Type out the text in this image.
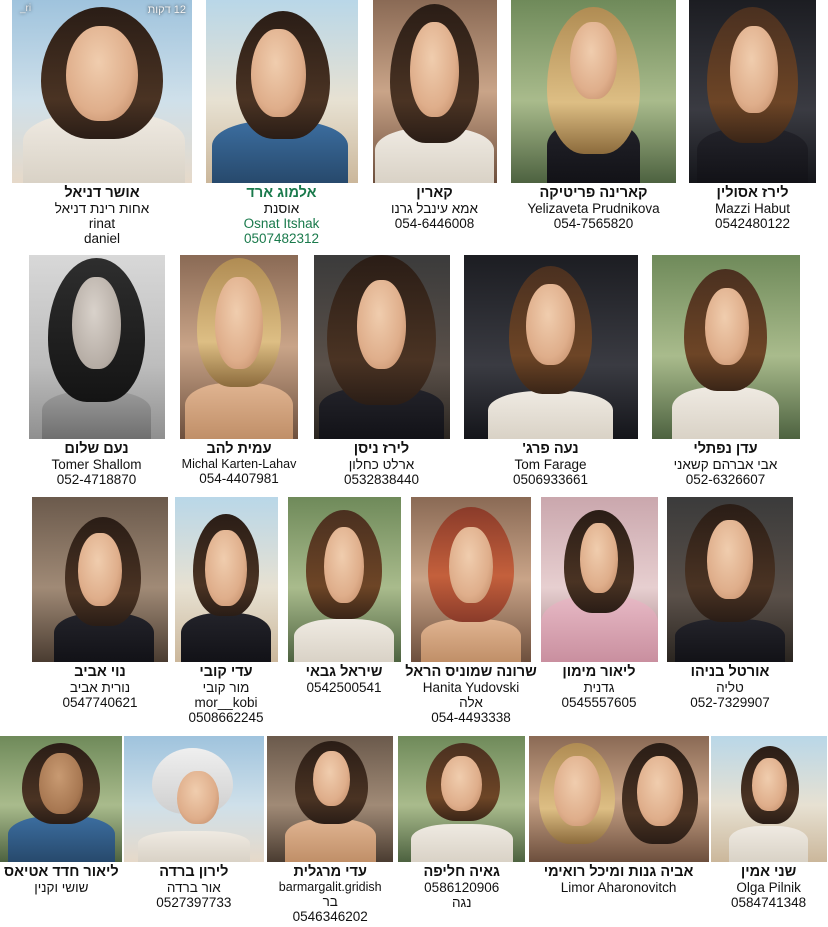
12 דקות
_ri
אושר דניאל
אחות רינת דניאל
rinat
daniel
אלמוג ארד
אוסנת
Osnat Itshak
0507482312
קארין
אמא עינבל גרנו
054-6446008
קארינה פריטיקה
Yelizaveta Prudnikova
054-7565820
לירז אסולין
Mazzi Habut
0542480122
נעם שלום
Tomer Shallom
052-4718870
עמית להב
Michal Karten-Lahav
054-4407981
לירז ניסן
ארלט כחלון
0532838440
נעה פרג'
Tom Farage
0506933661
עדן נפתלי
אבי אברהם קשאני
052-6326607
נוי אביב
נורית אביב
0547740621
עדי קובי
מור קובי
mor__kobi
0508662245
שיראל גבאי
0542500541
שרונה שמוניס הראל
Hanita Yudovski
אלה
054-4493338
ליאור מימון
גדנית
0545557605
אורטל בניהו
טליה
052-7329907
ליאור חדד אטיאס
שושי וקנין
לירון ברדה
אור ברדה
0527397733
עדי מרגלית
barmargalit.gridish
בר
0546346202
גאיה חליפה
0586120906
נגה
אביה גנות ומיכל רואימי
Limor Aharonovitch
שני אמין
Olga Pilnik
0584741348
